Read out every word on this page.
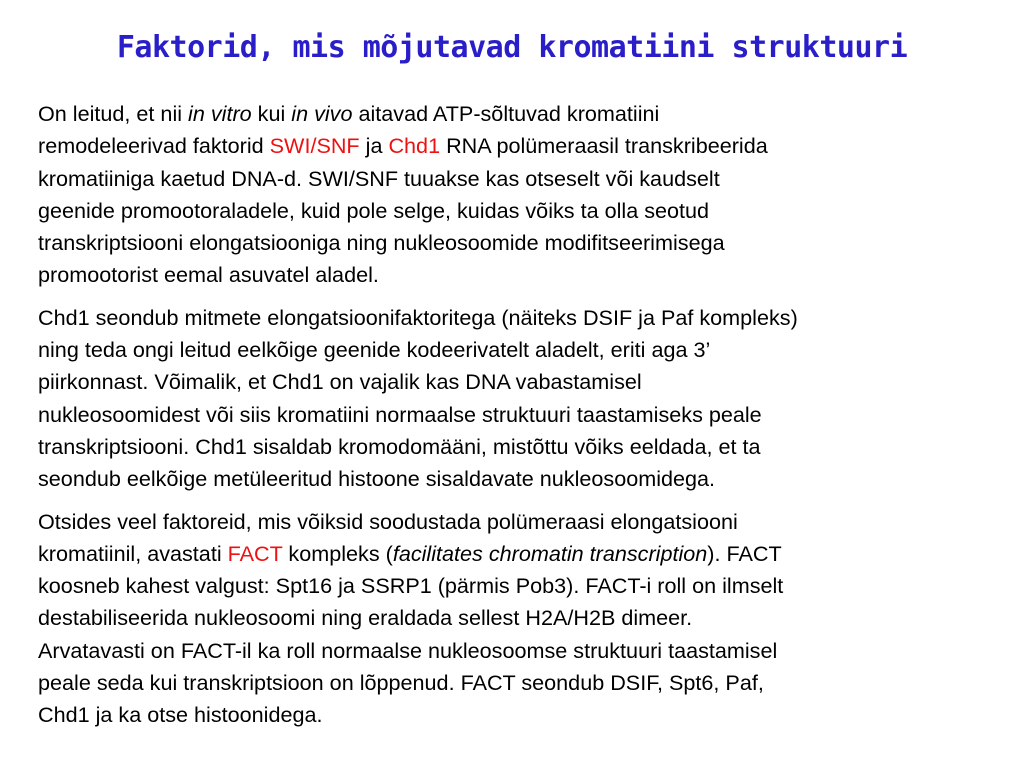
Faktorid, mis mõjutavad kromatiini struktuuri

On leitud, et nii in vitro kui in vivo aitavad ATP-sõltuvad kromatiini
remodeleerivad faktorid SWI/SNF ja Chd1 RNA polümeraasil transkribeerida
kromatiiniga kaetud DNA-d. SWI/SNF tuuakse kas otseselt või kaudselt
geenide promootoraladele, kuid pole selge, kuidas võiks ta olla seotud
transkriptsiooni elongatsiooniga ning nukleosoomide modifitseerimisega
promootorist eemal asuvatel aladel.

Chd1 seondub mitmete elongatsioonifaktoritega (näiteks DSIF ja Paf kompleks)
ning teda ongi leitud eelkõige geenide kodeerivatelt aladelt, eriti aga 3’
piirkonnast. Võimalik, et Chd1 on vajalik kas DNA vabastamisel
nukleosoomidest või siis kromatiini normaalse struktuuri taastamiseks peale
transkriptsiooni. Chd1 sisaldab kromodomääni, mistõttu võiks eeldada, et ta
seondub eelkõige metüleeritud histoone sisaldavate nukleosoomidega.

Otsides veel faktoreid, mis võiksid soodustada polümeraasi elongatsiooni
kromatiinil, avastati FACT kompleks (facilitates chromatin transcription). FACT
koosneb kahest valgust: Spt16 ja SSRP1 (pärmis Pob3). FACT-i roll on ilmselt
destabiliseerida nukleosoomi ning eraldada sellest H2A/H2B dimeer.
Arvatavasti on FACT-il ka roll normaalse nukleosoomse struktuuri taastamisel
peale seda kui transkriptsioon on lõppenud. FACT seondub DSIF, Spt6, Paf,
Chd1 ja ka otse histoonidega.
